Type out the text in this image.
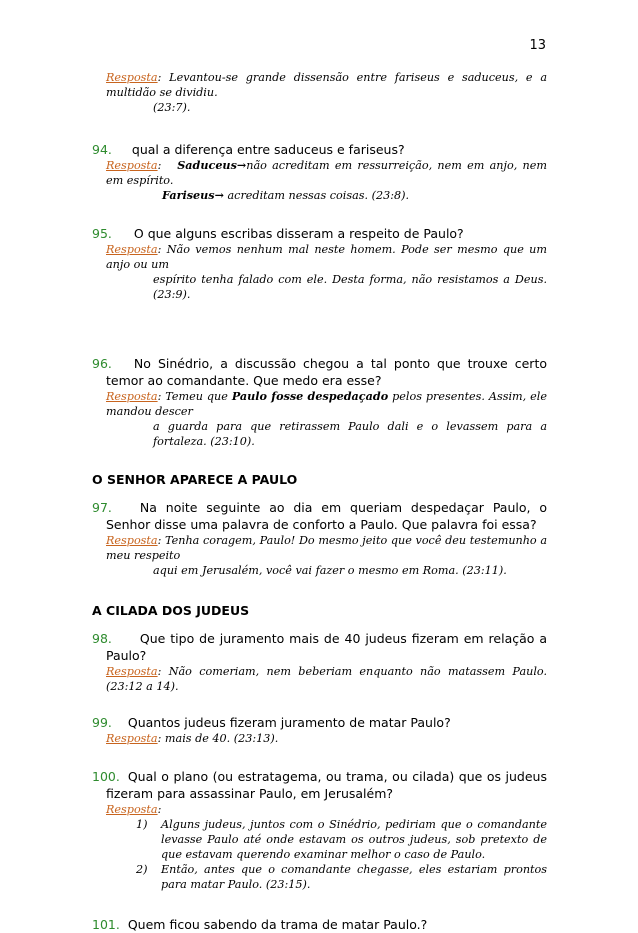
13
Resposta: Levantou-se grande dissensão entre fariseus e saduceus, e a multidão se dividiu.
(23:7).
94. qual a diferença entre saduceus e fariseus?
Resposta:   Saduceus→não acreditam em ressurreição, nem em anjo, nem em espírito.
Fariseus→ acreditam nessas coisas. (23:8).
95. O que alguns escribas disseram a respeito de Paulo?
Resposta: Não vemos nenhum mal neste homem. Pode ser mesmo que um anjo ou um
espírito tenha falado com ele. Desta forma, não resistamos a Deus. (23:9).
96. No Sinédrio, a discussão chegou a tal ponto que trouxe certo temor ao comandante. Que medo era esse?
Resposta: Temeu que Paulo fosse despedaçado pelos presentes. Assim, ele mandou descer
a guarda para que retirassem Paulo dali e o levassem para a fortaleza. (23:10).
O SENHOR APARECE A PAULO
97. Na noite seguinte ao dia em queriam despedaçar Paulo, o Senhor disse uma palavra de conforto a Paulo. Que palavra foi essa?
Resposta: Tenha coragem, Paulo! Do mesmo jeito que você deu testemunho a meu respeito
aqui em Jerusalém, você vai fazer o mesmo em Roma. (23:11).
A CILADA DOS JUDEUS
98. Que tipo de juramento mais de 40 judeus fizeram em relação a Paulo?
Resposta: Não comeriam, nem beberiam enquanto não matassem Paulo. (23:12 a 14).
99. Quantos judeus fizeram juramento de matar Paulo?
Resposta: mais de 40. (23:13).
100. Qual o plano (ou estratagema, ou trama, ou cilada) que os judeus fizeram para assassinar Paulo, em Jerusalém?
Resposta:
1) Alguns judeus, juntos com o Sinédrio, pediriam que o comandante levasse Paulo até onde estavam os outros judeus, sob pretexto de que estavam querendo examinar melhor o caso de Paulo.
2) Então, antes que o comandante chegasse, eles estariam prontos para matar Paulo. (23:15).
101. Quem ficou sabendo da trama de matar Paulo.?
